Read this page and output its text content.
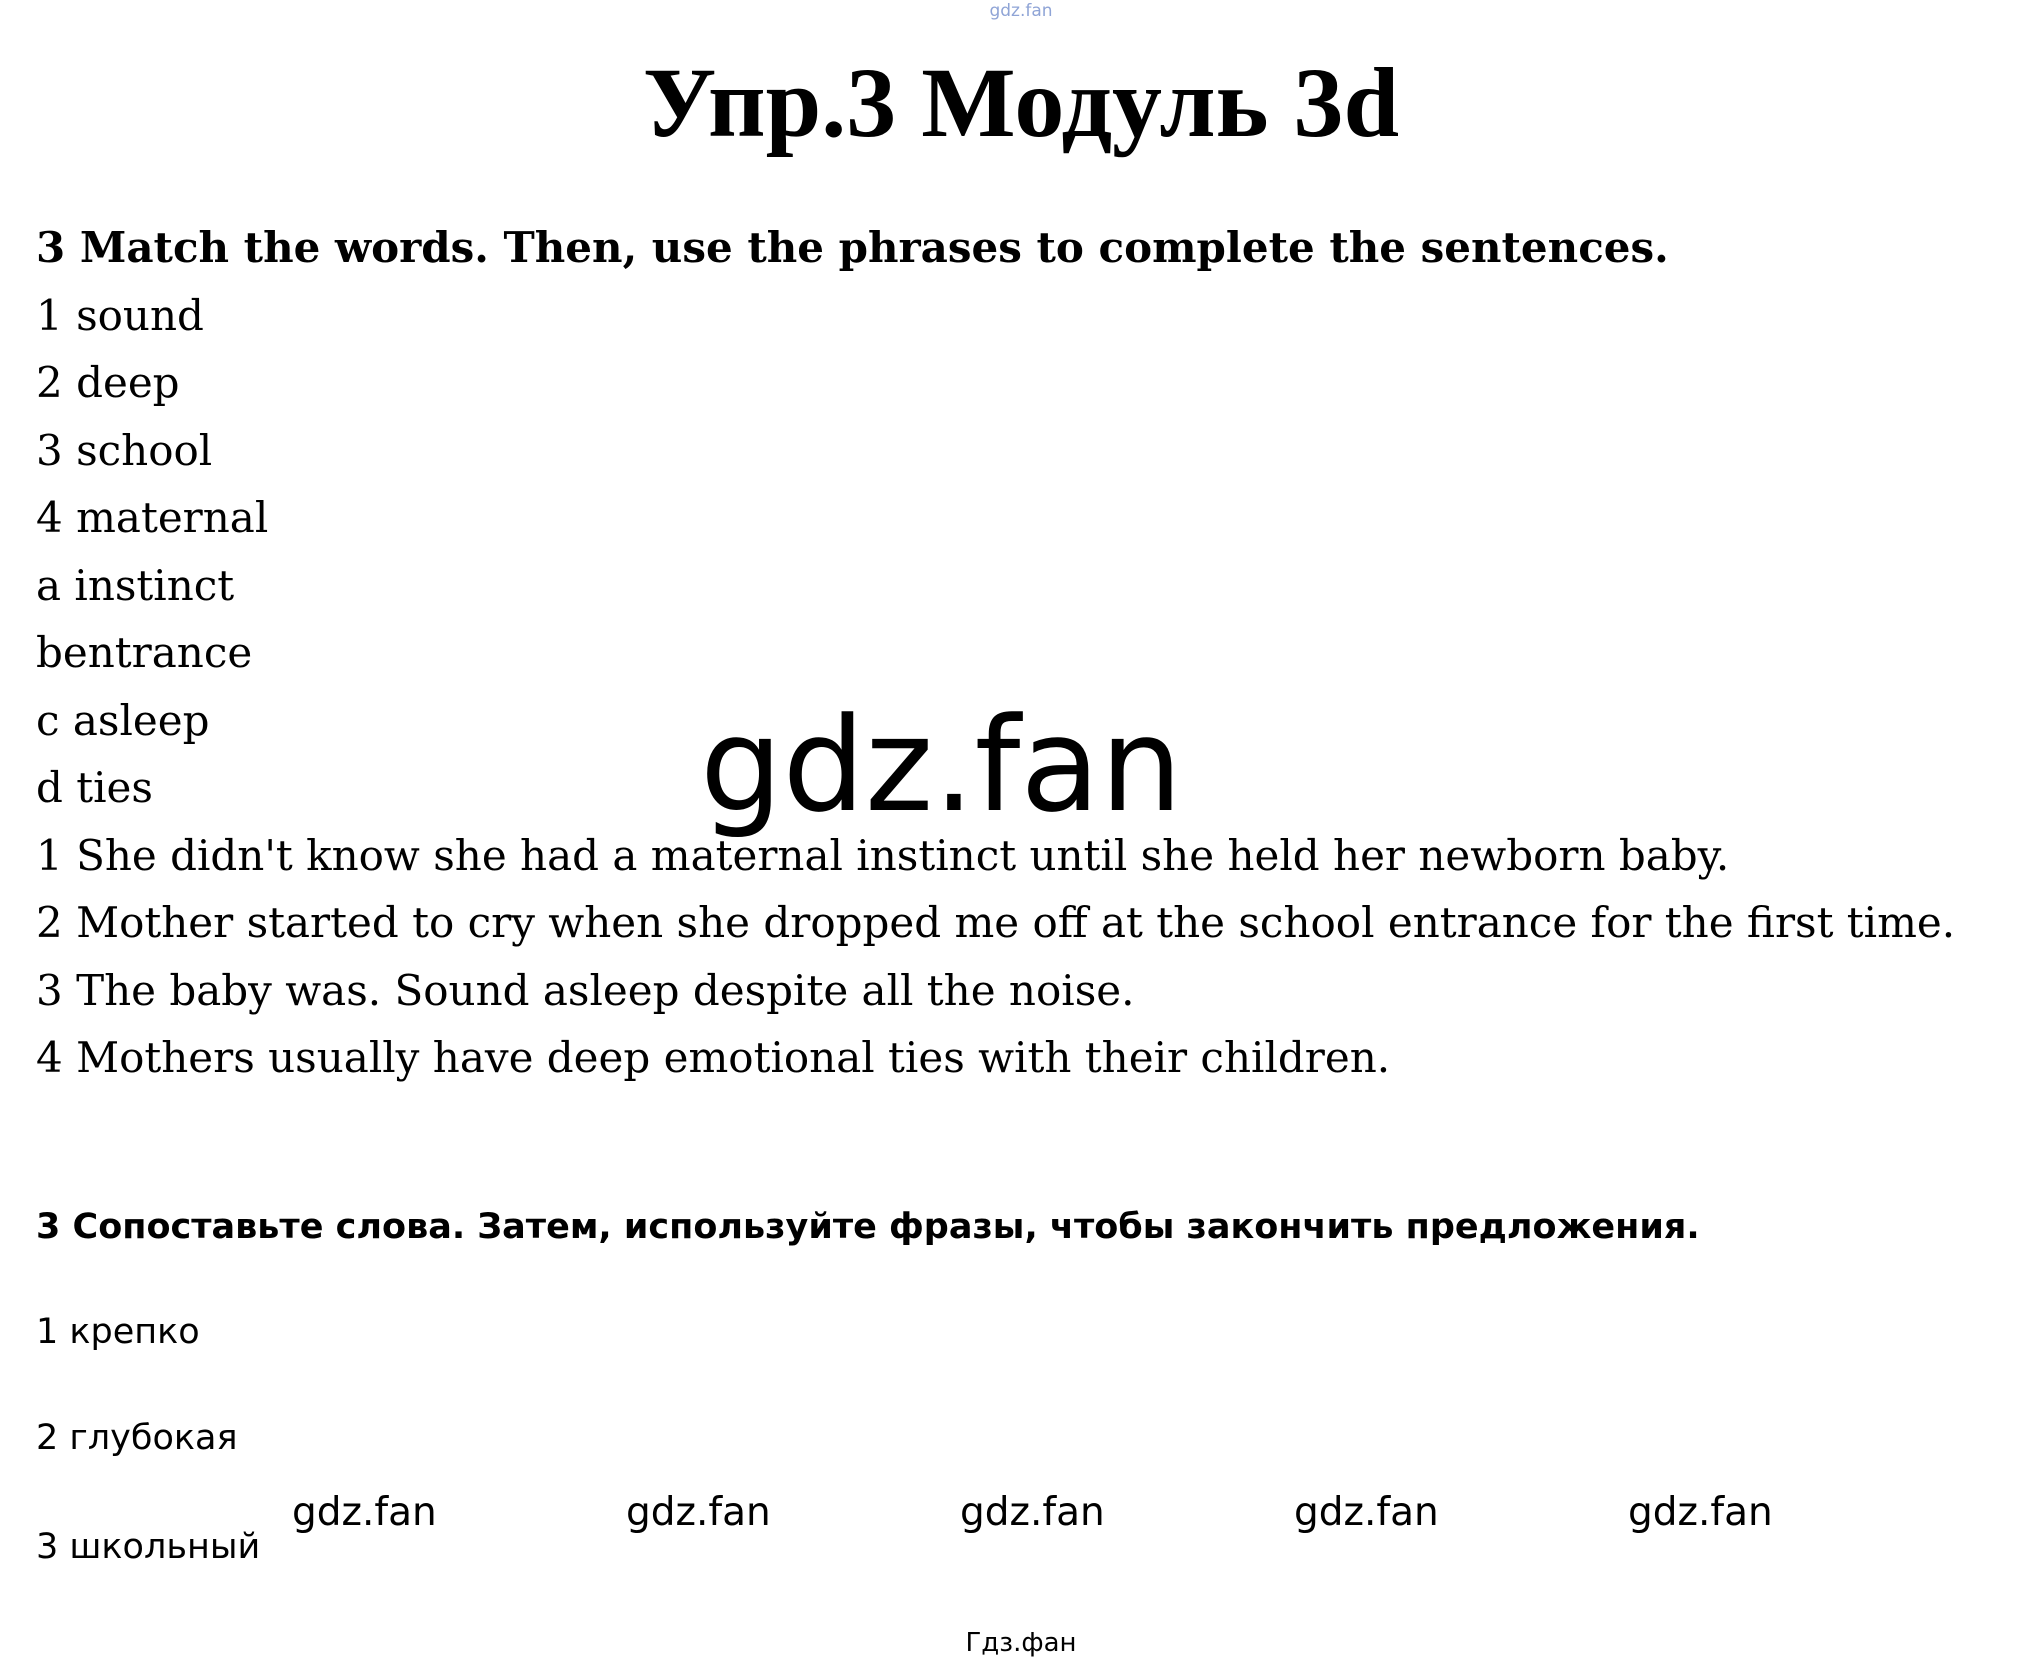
gdz.fan
Упр.3 Модуль 3d
3 Match the words. Then, use the phrases to complete the sentences.
1 sound
2 deep
3 school
4 maternal
a instinct
bentrance
c asleep
d ties
1 She didn't know she had a maternal instinct until she held her newborn baby.
2 Mother started to cry when she dropped me off at the school entrance for the first time.
3 The baby was. Sound asleep despite all the noise.
4 Mothers usually have deep emotional ties with their children.
gdz.fan
3 Сопоставьте слова. Затем, используйте фразы, чтобы закончить предложения.
1 крепко
2 глубокая
3 школьный
gdz.fan	gdz.fan	gdz.fan	gdz.fan	gdz.fan
Гдз.фан
